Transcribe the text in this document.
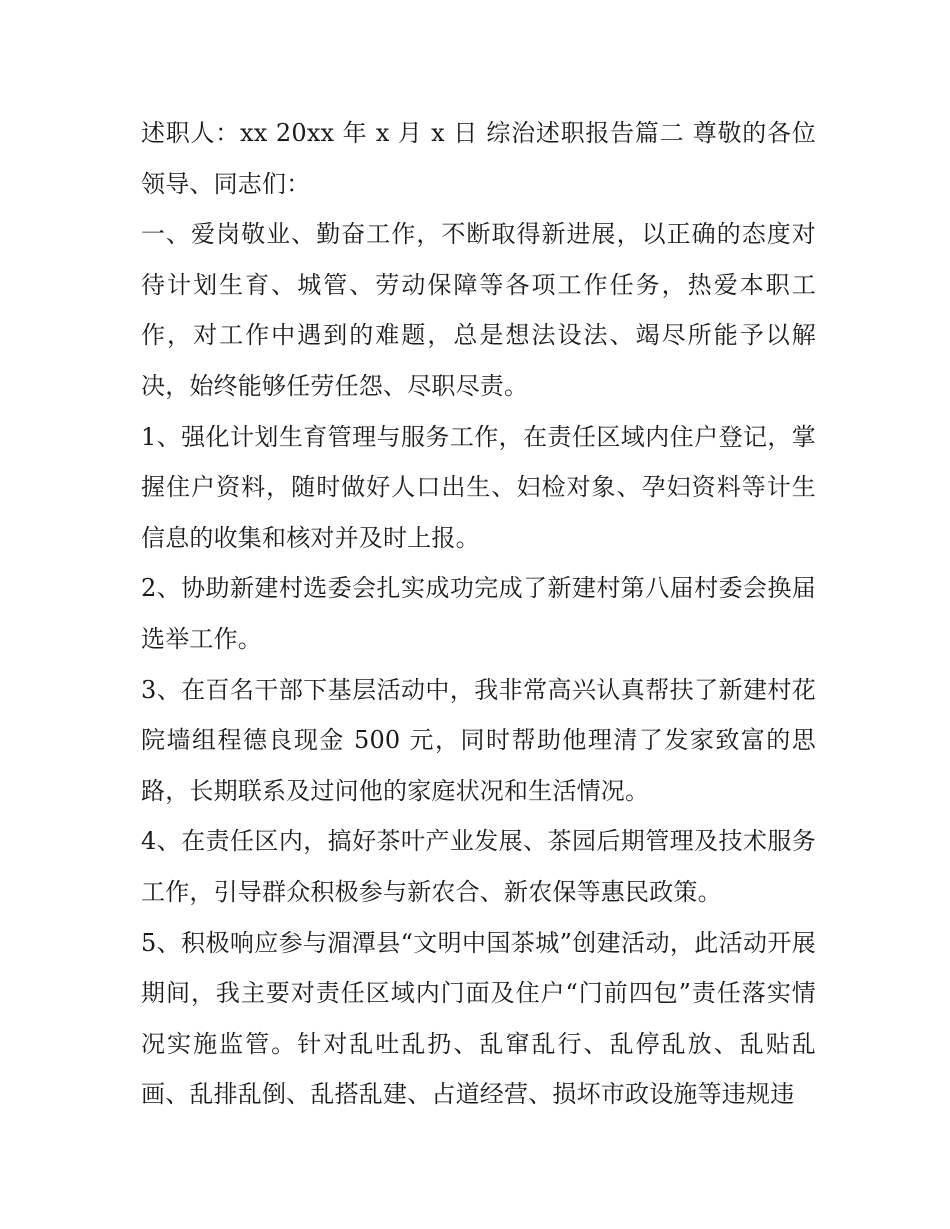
述职人：xx 20xx 年 x 月 x 日 综治述职报告篇二 尊敬的各位领导、同志们：

一、爱岗敬业、勤奋工作，不断取得新进展，以正确的态度对待计划生育、城管、劳动保障等各项工作任务，热爱本职工作，对工作中遇到的难题，总是想法设法、竭尽所能予以解决，始终能够任劳任怨、尽职尽责。

1、强化计划生育管理与服务工作，在责任区域内住户登记，掌握住户资料，随时做好人口出生、妇检对象、孕妇资料等计生信息的收集和核对并及时上报。

2、协助新建村选委会扎实成功完成了新建村第八届村委会换届选举工作。

3、在百名干部下基层活动中，我非常高兴认真帮扶了新建村花院墙组程德良现金 500 元，同时帮助他理清了发家致富的思路，长期联系及过问他的家庭状况和生活情况。

4、在责任区内，搞好茶叶产业发展、茶园后期管理及技术服务工作，引导群众积极参与新农合、新农保等惠民政策。

5、积极响应参与湄潭县“文明中国茶城”创建活动，此活动开展期间，我主要对责任区域内门面及住户“门前四包”责任落实情况实施监管。针对乱吐乱扔、乱窜乱行、乱停乱放、乱贴乱画、乱排乱倒、乱搭乱建、占道经营、损坏市政设施等违规违
